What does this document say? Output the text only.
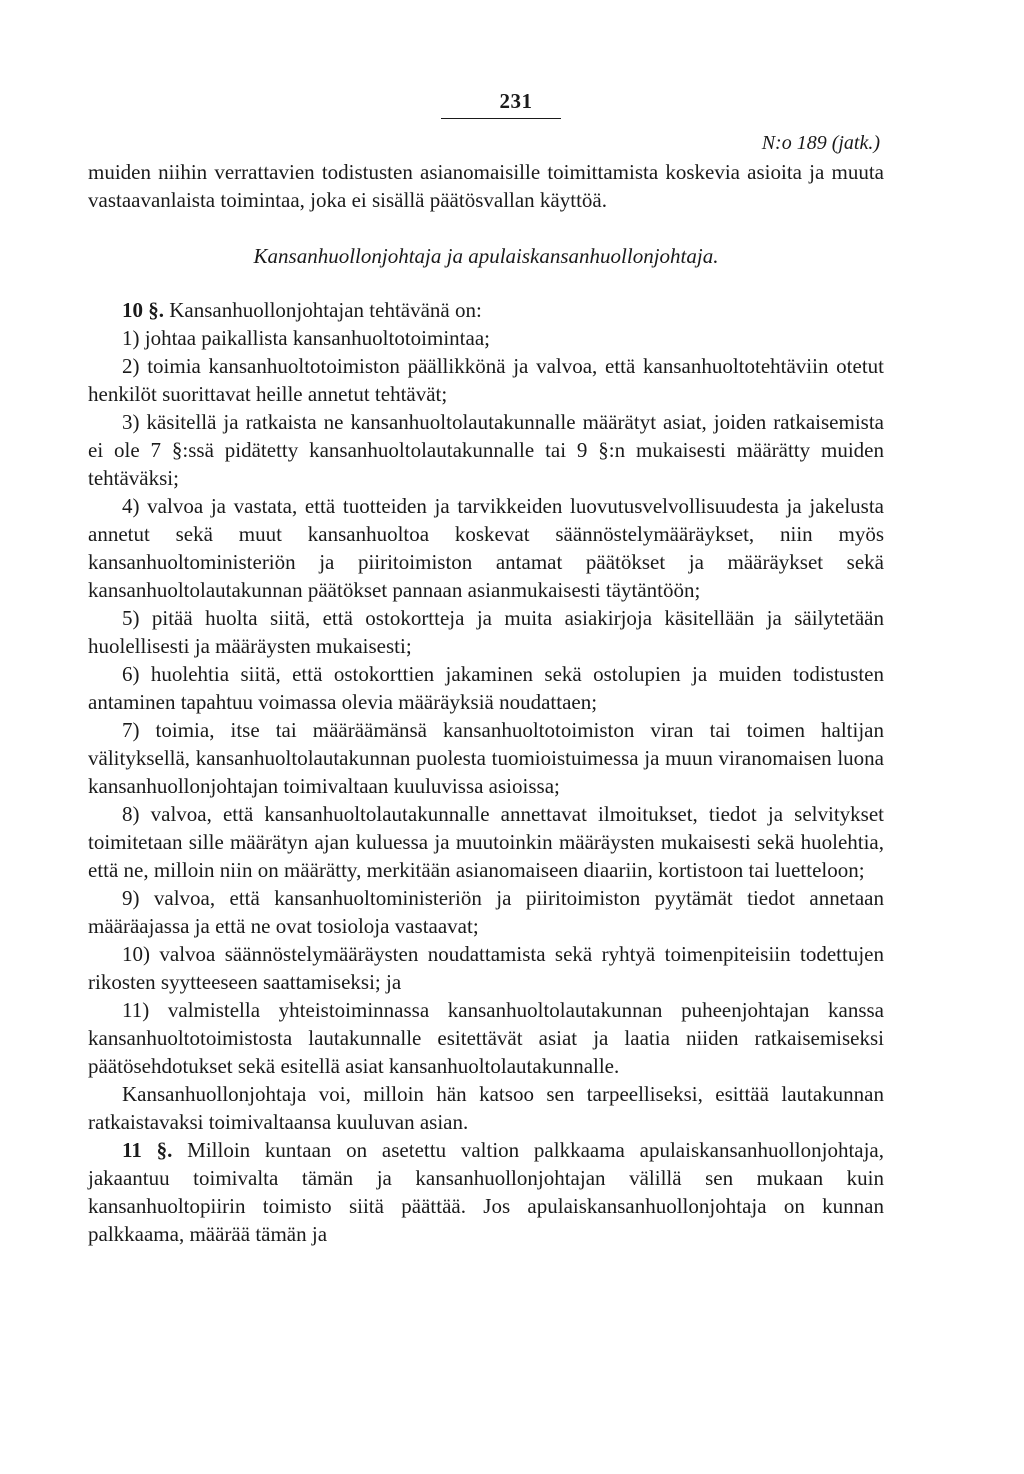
231
N:o 189 (jatk.)

muiden niihin verrattavien todistusten asianomaisille toimittamista koskevia asioita ja muuta vastaavanlaista toimintaa, joka ei sisällä päätösvallan käyttöä.

Kansanhuollonjohtaja ja apulaiskansanhuollonjohtaja.

10 §. Kansanhuollonjohtajan tehtävänä on:

1) johtaa paikallista kansanhuoltotoimintaa;

2) toimia kansanhuoltotoimiston päällikkönä ja valvoa, että kansanhuoltotehtäviin otetut henkilöt suorittavat heille annetut tehtävät;

3) käsitellä ja ratkaista ne kansanhuoltolautakunnalle määrätyt asiat, joiden ratkaisemista ei ole 7 §:ssä pidätetty kansanhuoltolautakunnalle tai 9 §:n mukaisesti määrätty muiden tehtäväksi;

4) valvoa ja vastata, että tuotteiden ja tarvikkeiden luovutusvelvollisuudesta ja jakelusta annetut sekä muut kansanhuoltoa koskevat säännöstelymääräykset, niin myös kansanhuoltoministeriön ja piiritoimiston antamat päätökset ja määräykset sekä kansanhuoltolautakunnan päätökset pannaan asianmukaisesti täytäntöön;

5) pitää huolta siitä, että ostokortteja ja muita asiakirjoja käsitellään ja säilytetään huolellisesti ja määräysten mukaisesti;

6) huolehtia siitä, että ostokorttien jakaminen sekä ostolupien ja muiden todistusten antaminen tapahtuu voimassa olevia määräyksiä noudattaen;

7) toimia, itse tai määräämänsä kansanhuoltotoimiston viran tai toimen haltijan välityksellä, kansanhuoltolautakunnan puolesta tuomioistuimessa ja muun viranomaisen luona kansanhuollonjohtajan toimivaltaan kuuluvissa asioissa;

8) valvoa, että kansanhuoltolautakunnalle annettavat ilmoitukset, tiedot ja selvitykset toimitetaan sille määrätyn ajan kuluessa ja muutoinkin määräysten mukaisesti sekä huolehtia, että ne, milloin niin on määrätty, merkitään asianomaiseen diaariin, kortistoon tai luetteloon;

9) valvoa, että kansanhuoltoministeriön ja piiritoimiston pyytämät tiedot annetaan määräajassa ja että ne ovat tosioloja vastaavat;

10) valvoa säännöstelymääräysten noudattamista sekä ryhtyä toimenpiteisiin todettujen rikosten syytteeseen saattamiseksi; ja

11) valmistella yhteistoiminnassa kansanhuoltolautakunnan puheenjohtajan kanssa kansanhuoltotoimistosta lautakunnalle esitettävät asiat ja laatia niiden ratkaisemiseksi päätösehdotukset sekä esitellä asiat kansanhuoltolautakunnalle.

Kansanhuollonjohtaja voi, milloin hän katsoo sen tarpeelliseksi, esittää lautakunnan ratkaistavaksi toimivaltaansa kuuluvan asian.

11 §. Milloin kuntaan on asetettu valtion palkkaama apulaiskansanhuollonjohtaja, jakaantuu toimivalta tämän ja kansanhuollonjohtajan välillä sen mukaan kuin kansanhuoltopiirin toimisto siitä päättää. Jos apulaiskansanhuollonjohtaja on kunnan palkkaama, määrää tämän ja
